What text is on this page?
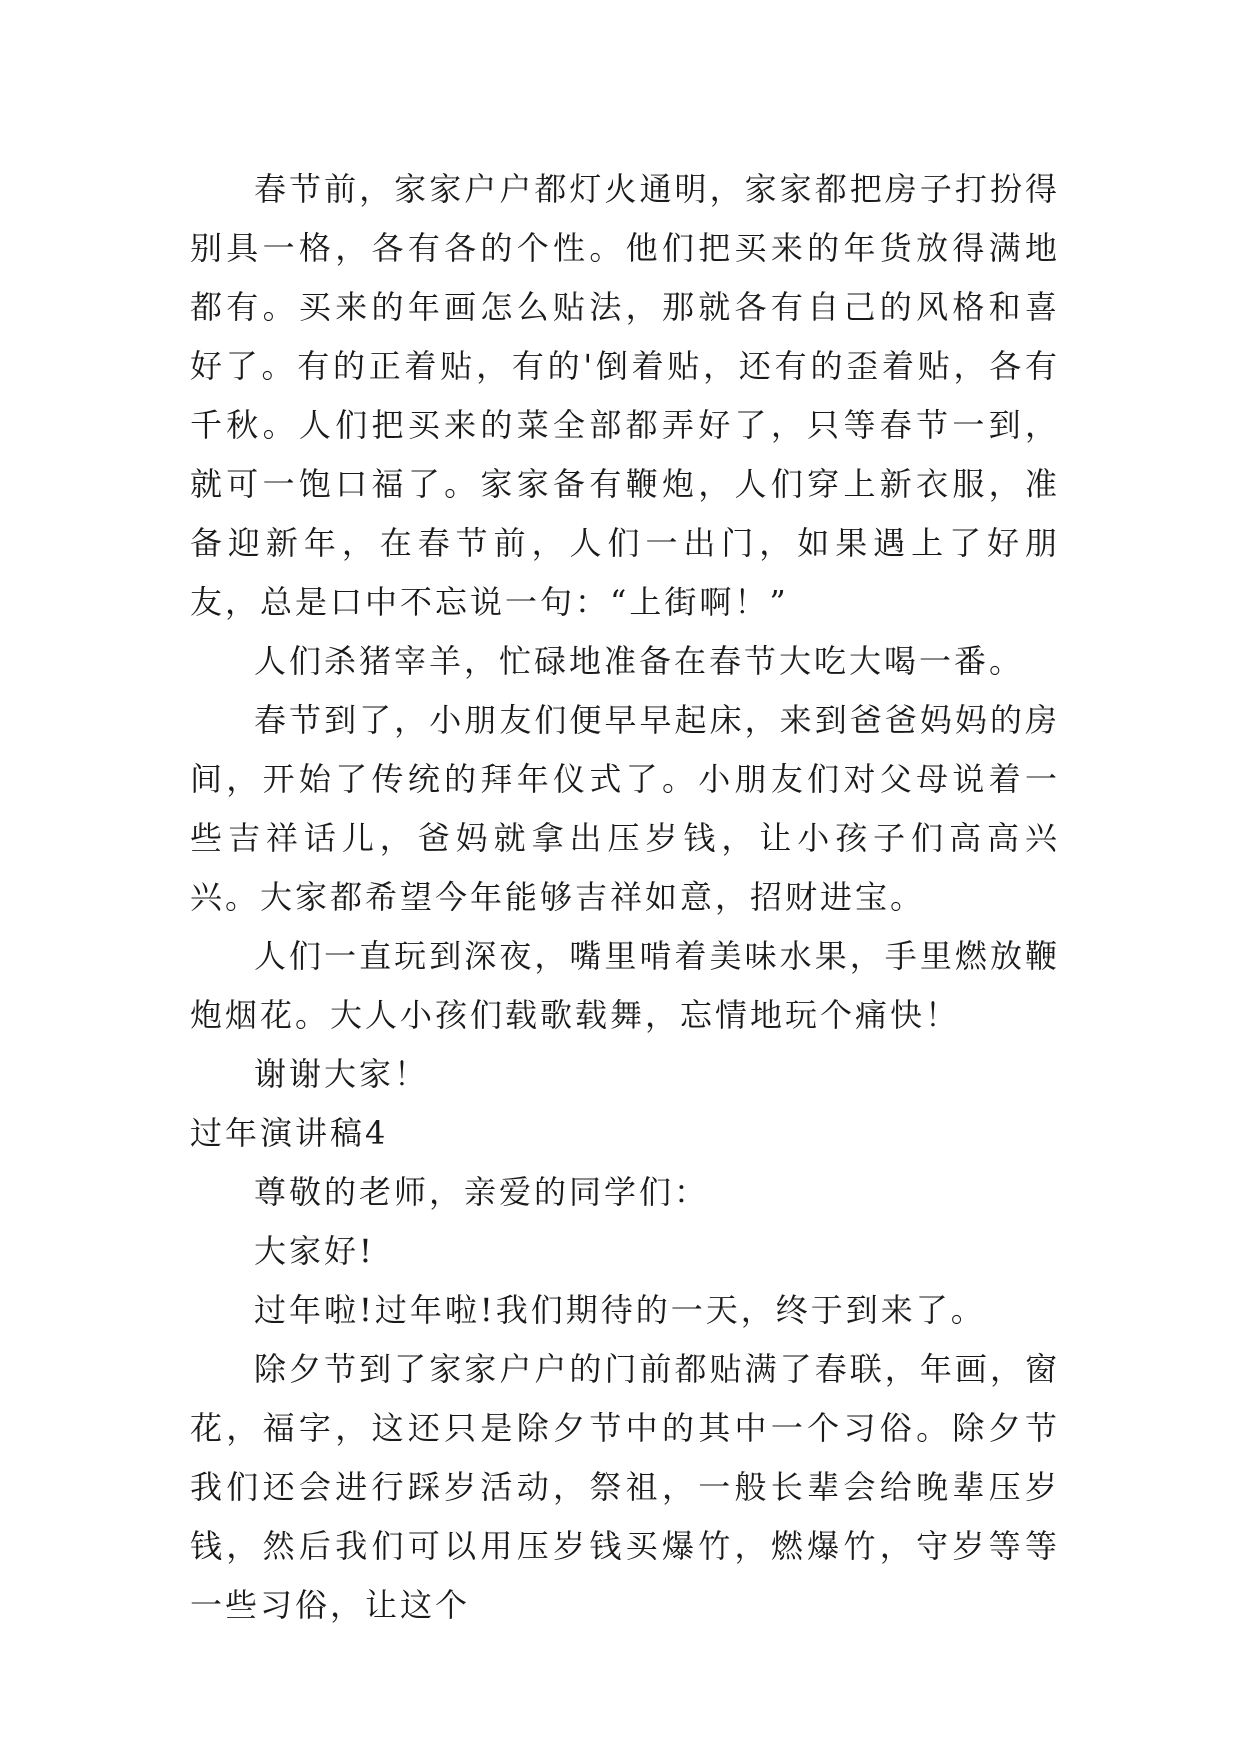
春节前，家家户户都灯火通明，家家都把房子打扮得别具一格，各有各的个性。他们把买来的年货放得满地都有。买来的年画怎么贴法，那就各有自己的风格和喜好了。有的正着贴，有的'倒着贴，还有的歪着贴，各有千秋。人们把买来的菜全部都弄好了，只等春节一到，就可一饱口福了。家家备有鞭炮，人们穿上新衣服，准备迎新年，在春节前，人们一出门，如果遇上了好朋友，总是口中不忘说一句：“上街啊！”

人们杀猪宰羊，忙碌地准备在春节大吃大喝一番。

春节到了，小朋友们便早早起床，来到爸爸妈妈的房间，开始了传统的拜年仪式了。小朋友们对父母说着一些吉祥话儿，爸妈就拿出压岁钱，让小孩子们高高兴兴。大家都希望今年能够吉祥如意，招财进宝。

人们一直玩到深夜，嘴里啃着美味水果，手里燃放鞭炮烟花。大人小孩们载歌载舞，忘情地玩个痛快！

谢谢大家！

过年演讲稿4

尊敬的老师，亲爱的同学们：

大家好!

过年啦!过年啦!我们期待的一天，终于到来了。

除夕节到了家家户户的门前都贴满了春联，年画，窗花，福字，这还只是除夕节中的其中一个习俗。除夕节我们还会进行踩岁活动，祭祖，一般长辈会给晚辈压岁钱，然后我们可以用压岁钱买爆竹，燃爆竹，守岁等等一些习俗，让这个
